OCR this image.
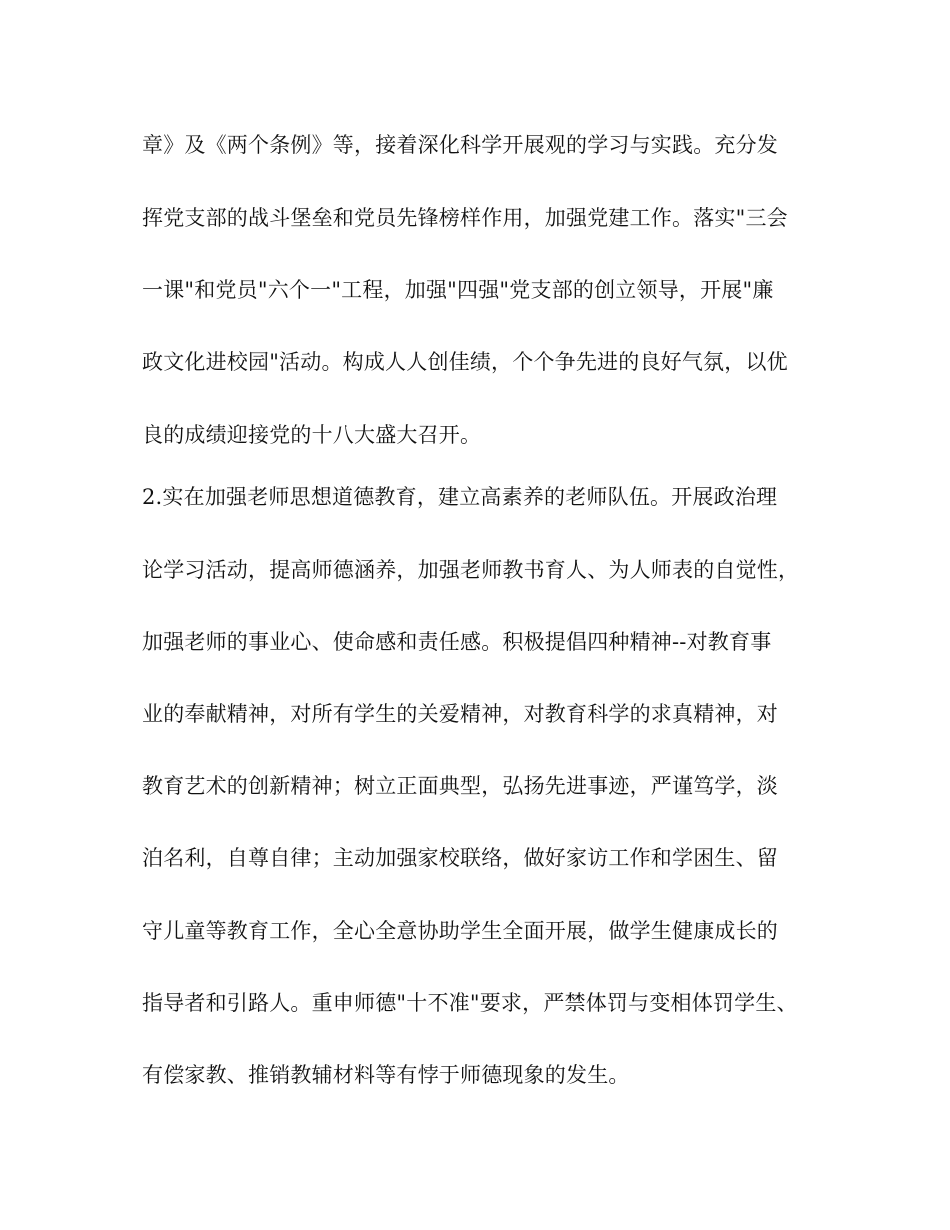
章》及《两个条例》等，接着深化科学开展观的学习与实践。充分发
挥党支部的战斗堡垒和党员先锋榜样作用，加强党建工作。落实"三会
一课"和党员"六个一"工程，加强"四强"党支部的创立领导，开展"廉
政文化进校园"活动。构成人人创佳绩，个个争先进的良好气氛，以优
良的成绩迎接党的十八大盛大召开。
2.实在加强老师思想道德教育，建立高素养的老师队伍。开展政治理
论学习活动，提高师德涵养，加强老师教书育人、为人师表的自觉性，
加强老师的事业心、使命感和责任感。积极提倡四种精神--对教育事
业的奉献精神，对所有学生的关爱精神，对教育科学的求真精神，对
教育艺术的创新精神；树立正面典型，弘扬先进事迹，严谨笃学，淡
泊名利，自尊自律；主动加强家校联络，做好家访工作和学困生、留
守儿童等教育工作，全心全意协助学生全面开展，做学生健康成长的
指导者和引路人。重申师德"十不准"要求，严禁体罚与变相体罚学生、
有偿家教、推销教辅材料等有悖于师德现象的发生。
